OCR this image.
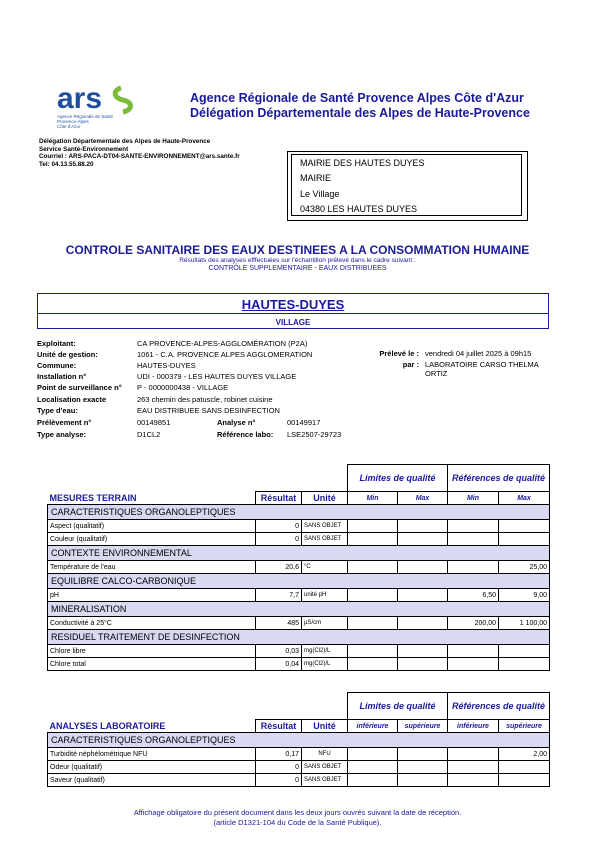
ars
Agence Régionale de Santé
Provence-Alpes
Côte d'Azur
Agence Régionale de Santé Provence Alpes Côte d'Azur
Délégation Départementale des Alpes de Haute-Provence
Délégation Départementale des Alpes de Haute-Provence
Service Santé-Environnement
Courriel : ARS-PACA-DT04-SANTE-ENVIRONNEMENT@ars.sante.fr
Tel: 04.13.55.88.20	MAIRIE DES HAUTES DUYES
MAIRIE
Le Village
04380 LES HAUTES DUYES
CONTROLE SANITAIRE DES EAUX DESTINEES A LA CONSOMMATION HUMAINE
Résultats des analyses efffectuées sur l'échantillon prélevé dans le cadre suivant :
CONTRÔLE SUPPLEMENTAIRE - EAUX DISTRIBUEES
HAUTES-DUYES
VILLAGE
Exploitant:	CA PROVENCE-ALPES-AGGLOMÉRATION (P2A)
Unité de gestion:	1061 - C.A. PROVENCE ALPES AGGLOMERATION
Commune:	HAUTES-DUYES
Installation n°	UDI - 000379 - LES HAUTES DUYES VILLAGE
Point de surveillance n° P - 0000000438 - VILLAGE
Localisation exacte	263 chemin des patuscle, robinet cuisine
Type d'eau:	EAU DISTRIBUEE SANS DESINFECTION
Prélèvement n°	00149851	Analyse n°	00149917
Type analyse:	D1CL2	Référence labo: LSE2507-29723
Prélevé le : vendredi 04 juillet 2025 à 09h15
par : LABORATOIRE CARSO THELMA
ORTIZ
			Limites de qualité		Références de qualité	
MESURES TERRAIN	Résultat	Unité	Min	Max	Min	Max
CARACTERISTIQUES ORGANOLEPTIQUES						
Aspect (qualitatif)	0	SANS OBJET				
Couleur (qualitatif)	0	SANS OBJET				
CONTEXTE ENVIRONNEMENTAL						
Température de l'eau	20,6	°C				25,00
EQUILIBRE CALCO-CARBONIQUE						
pH	7,7	unité pH			6,50	9,00
MINERALISATION						
Conductivité à 25°C	485	µS/cm			200,00	1 100,00
RESIDUEL TRAITEMENT DE DESINFECTION						
Chlore libre	0,03	mg(Cl2)/L				
Chlore total	0,04	mg(Cl2)/L				
			Limites de qualité		Références de qualité	
ANALYSES LABORATOIRE	Résultat	Unité	inférieure	supérieure	inférieure	supérieure
CARACTERISTIQUES ORGANOLEPTIQUES						
Turbidité néphélométrique NFU	0,17	NFU				2,00
Odeur (qualitatif)	0	SANS OBJET				
Saveur (qualitatif)	0	SANS OBJET				
Affichage obligatoire du présent document dans les deux jours ouvrés suivant la date de réception.
(article D1321-104 du Code de la Santé Publique).
